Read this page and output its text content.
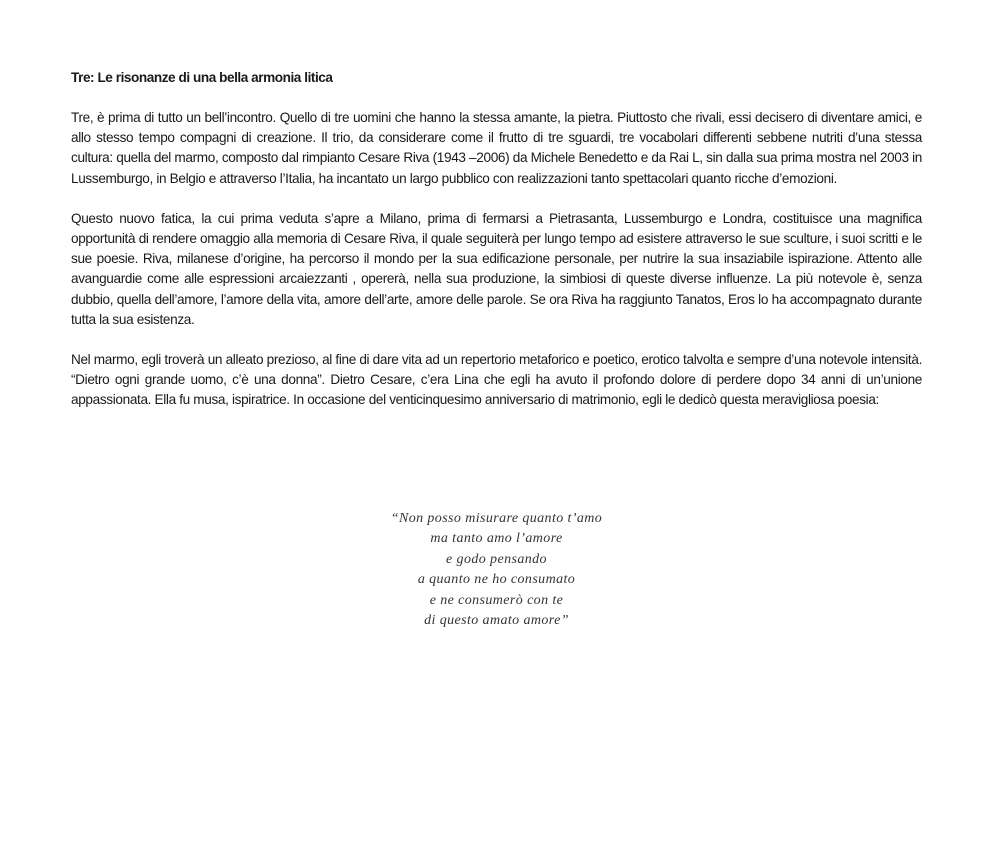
Tre: Le risonanze di una bella armonia litica

Tre, è prima di tutto un bell’incontro. Quello di tre uomini che hanno la stessa amante, la pietra. Piuttosto che rivali, essi decisero di diventare amici, e allo stesso tempo compagni di creazione. Il trio, da considerare come il frutto di tre sguardi, tre vocabolari differenti sebbene nutriti d’una stessa cultura: quella del marmo, composto dal rimpianto Cesare Riva (1943 –2006) da Michele Benedetto e da Rai L, sin dalla sua prima mostra nel 2003 in Lussemburgo, in Belgio e attraverso l’Italia, ha incantato un largo pubblico con realizzazioni tanto spettacolari quanto ricche d’emozioni.

Questo nuovo fatica, la cui prima veduta s’apre a Milano, prima di fermarsi a Pietrasanta, Lussemburgo e Londra, costituisce una magnifica opportunità di rendere omaggio alla memoria di Cesare Riva, il quale seguiterà per lungo tempo ad esistere attraverso le sue sculture, i suoi scritti e le sue poesie. Riva, milanese d’origine, ha percorso il mondo per la sua edificazione personale, per nutrire la sua insaziabile ispirazione. Attento alle avanguardie come alle espressioni arcaiezzanti , opererà, nella sua produzione, la simbiosi di queste diverse influenze. La più notevole è, senza dubbio, quella dell’amore, l’amore della vita, amore dell’arte, amore delle parole. Se ora Riva ha raggiunto Tanatos, Eros lo ha accompagnato durante tutta la sua esistenza.

Nel marmo, egli troverà un alleato prezioso, al fine di dare vita ad un repertorio metaforico e poetico, erotico talvolta e sempre d’una notevole intensità. “Dietro ogni grande uomo, c’è una donna”. Dietro Cesare, c’era Lina che egli ha avuto il profondo dolore di perdere dopo 34 anni di un’unione appassionata. Ella fu musa, ispiratrice. In occasione del venticinquesimo anniversario di matrimonio, egli le dedicò questa meravigliosa poesia:

“Non posso misurare quanto t’amo
ma tanto amo l’amore
e godo pensando
a quanto ne ho consumato
e ne consumerò con te
di questo amato amore”
